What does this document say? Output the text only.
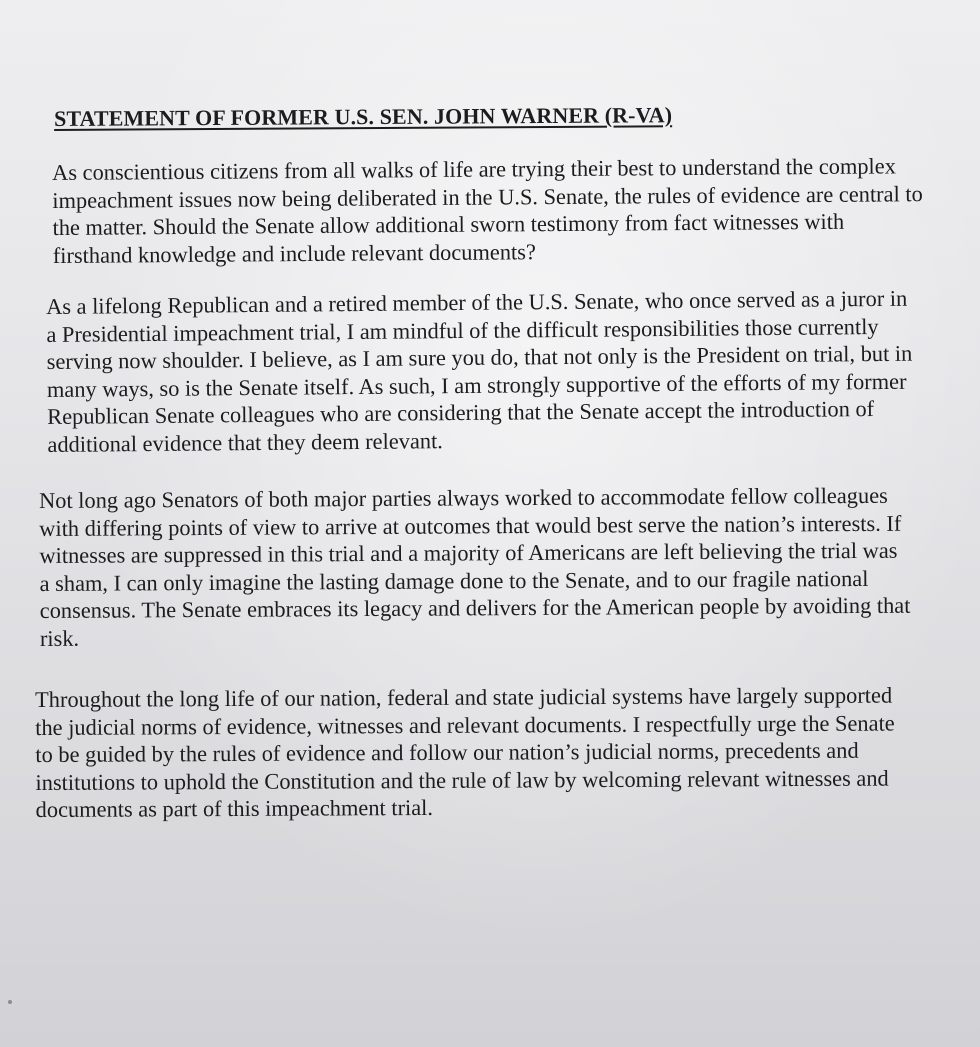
STATEMENT OF FORMER U.S. SEN. JOHN WARNER (R-VA)

As conscientious citizens from all walks of life are trying their best to understand the complex
impeachment issues now being deliberated in the U.S. Senate, the rules of evidence are central to
the matter. Should the Senate allow additional sworn testimony from fact witnesses with
firsthand knowledge and include relevant documents?

As a lifelong Republican and a retired member of the U.S. Senate, who once served as a juror in
a Presidential impeachment trial, I am mindful of the difficult responsibilities those currently
serving now shoulder. I believe, as I am sure you do, that not only is the President on trial, but in
many ways, so is the Senate itself. As such, I am strongly supportive of the efforts of my former
Republican Senate colleagues who are considering that the Senate accept the introduction of
additional evidence that they deem relevant.

Not long ago Senators of both major parties always worked to accommodate fellow colleagues
with differing points of view to arrive at outcomes that would best serve the nation’s interests. If
witnesses are suppressed in this trial and a majority of Americans are left believing the trial was
a sham, I can only imagine the lasting damage done to the Senate, and to our fragile national
consensus. The Senate embraces its legacy and delivers for the American people by avoiding that
risk.

Throughout the long life of our nation, federal and state judicial systems have largely supported
the judicial norms of evidence, witnesses and relevant documents. I respectfully urge the Senate
to be guided by the rules of evidence and follow our nation’s judicial norms, precedents and
institutions to uphold the Constitution and the rule of law by welcoming relevant witnesses and
documents as part of this impeachment trial.
